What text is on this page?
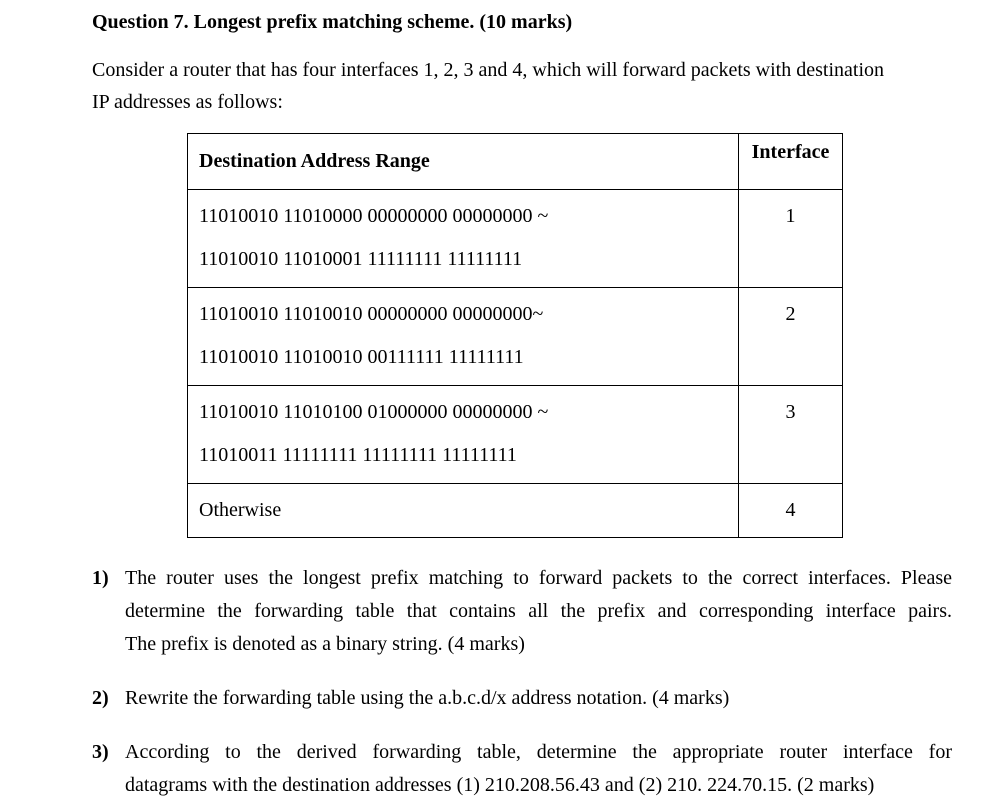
Question 7. Longest prefix matching scheme. (10 marks)

Consider a router that has four interfaces 1, 2, 3 and 4, which will forward packets with destination

IP addresses as follows:

Destination Address Range	Interface

11010010 11010000 00000000 00000000 ~
11010010 11010001 11111111 11111111	1

11010010 11010010 00000000 00000000~
11010010 11010010 00111111 11111111	2

11010010 11010100 01000000 00000000 ~
11010011 11111111 11111111 11111111	3

Otherwise	4
1) The router uses the longest prefix matching to forward packets to the correct interfaces. Please
determine the forwarding table that contains all the prefix and corresponding interface pairs.
The prefix is denoted as a binary string. (4 marks)
2) Rewrite the forwarding table using the a.b.c.d/x address notation. (4 marks)
3) According to the derived forwarding table, determine the appropriate router interface for
datagrams with the destination addresses (1) 210.208.56.43 and (2) 210. 224.70.15. (2 marks)
